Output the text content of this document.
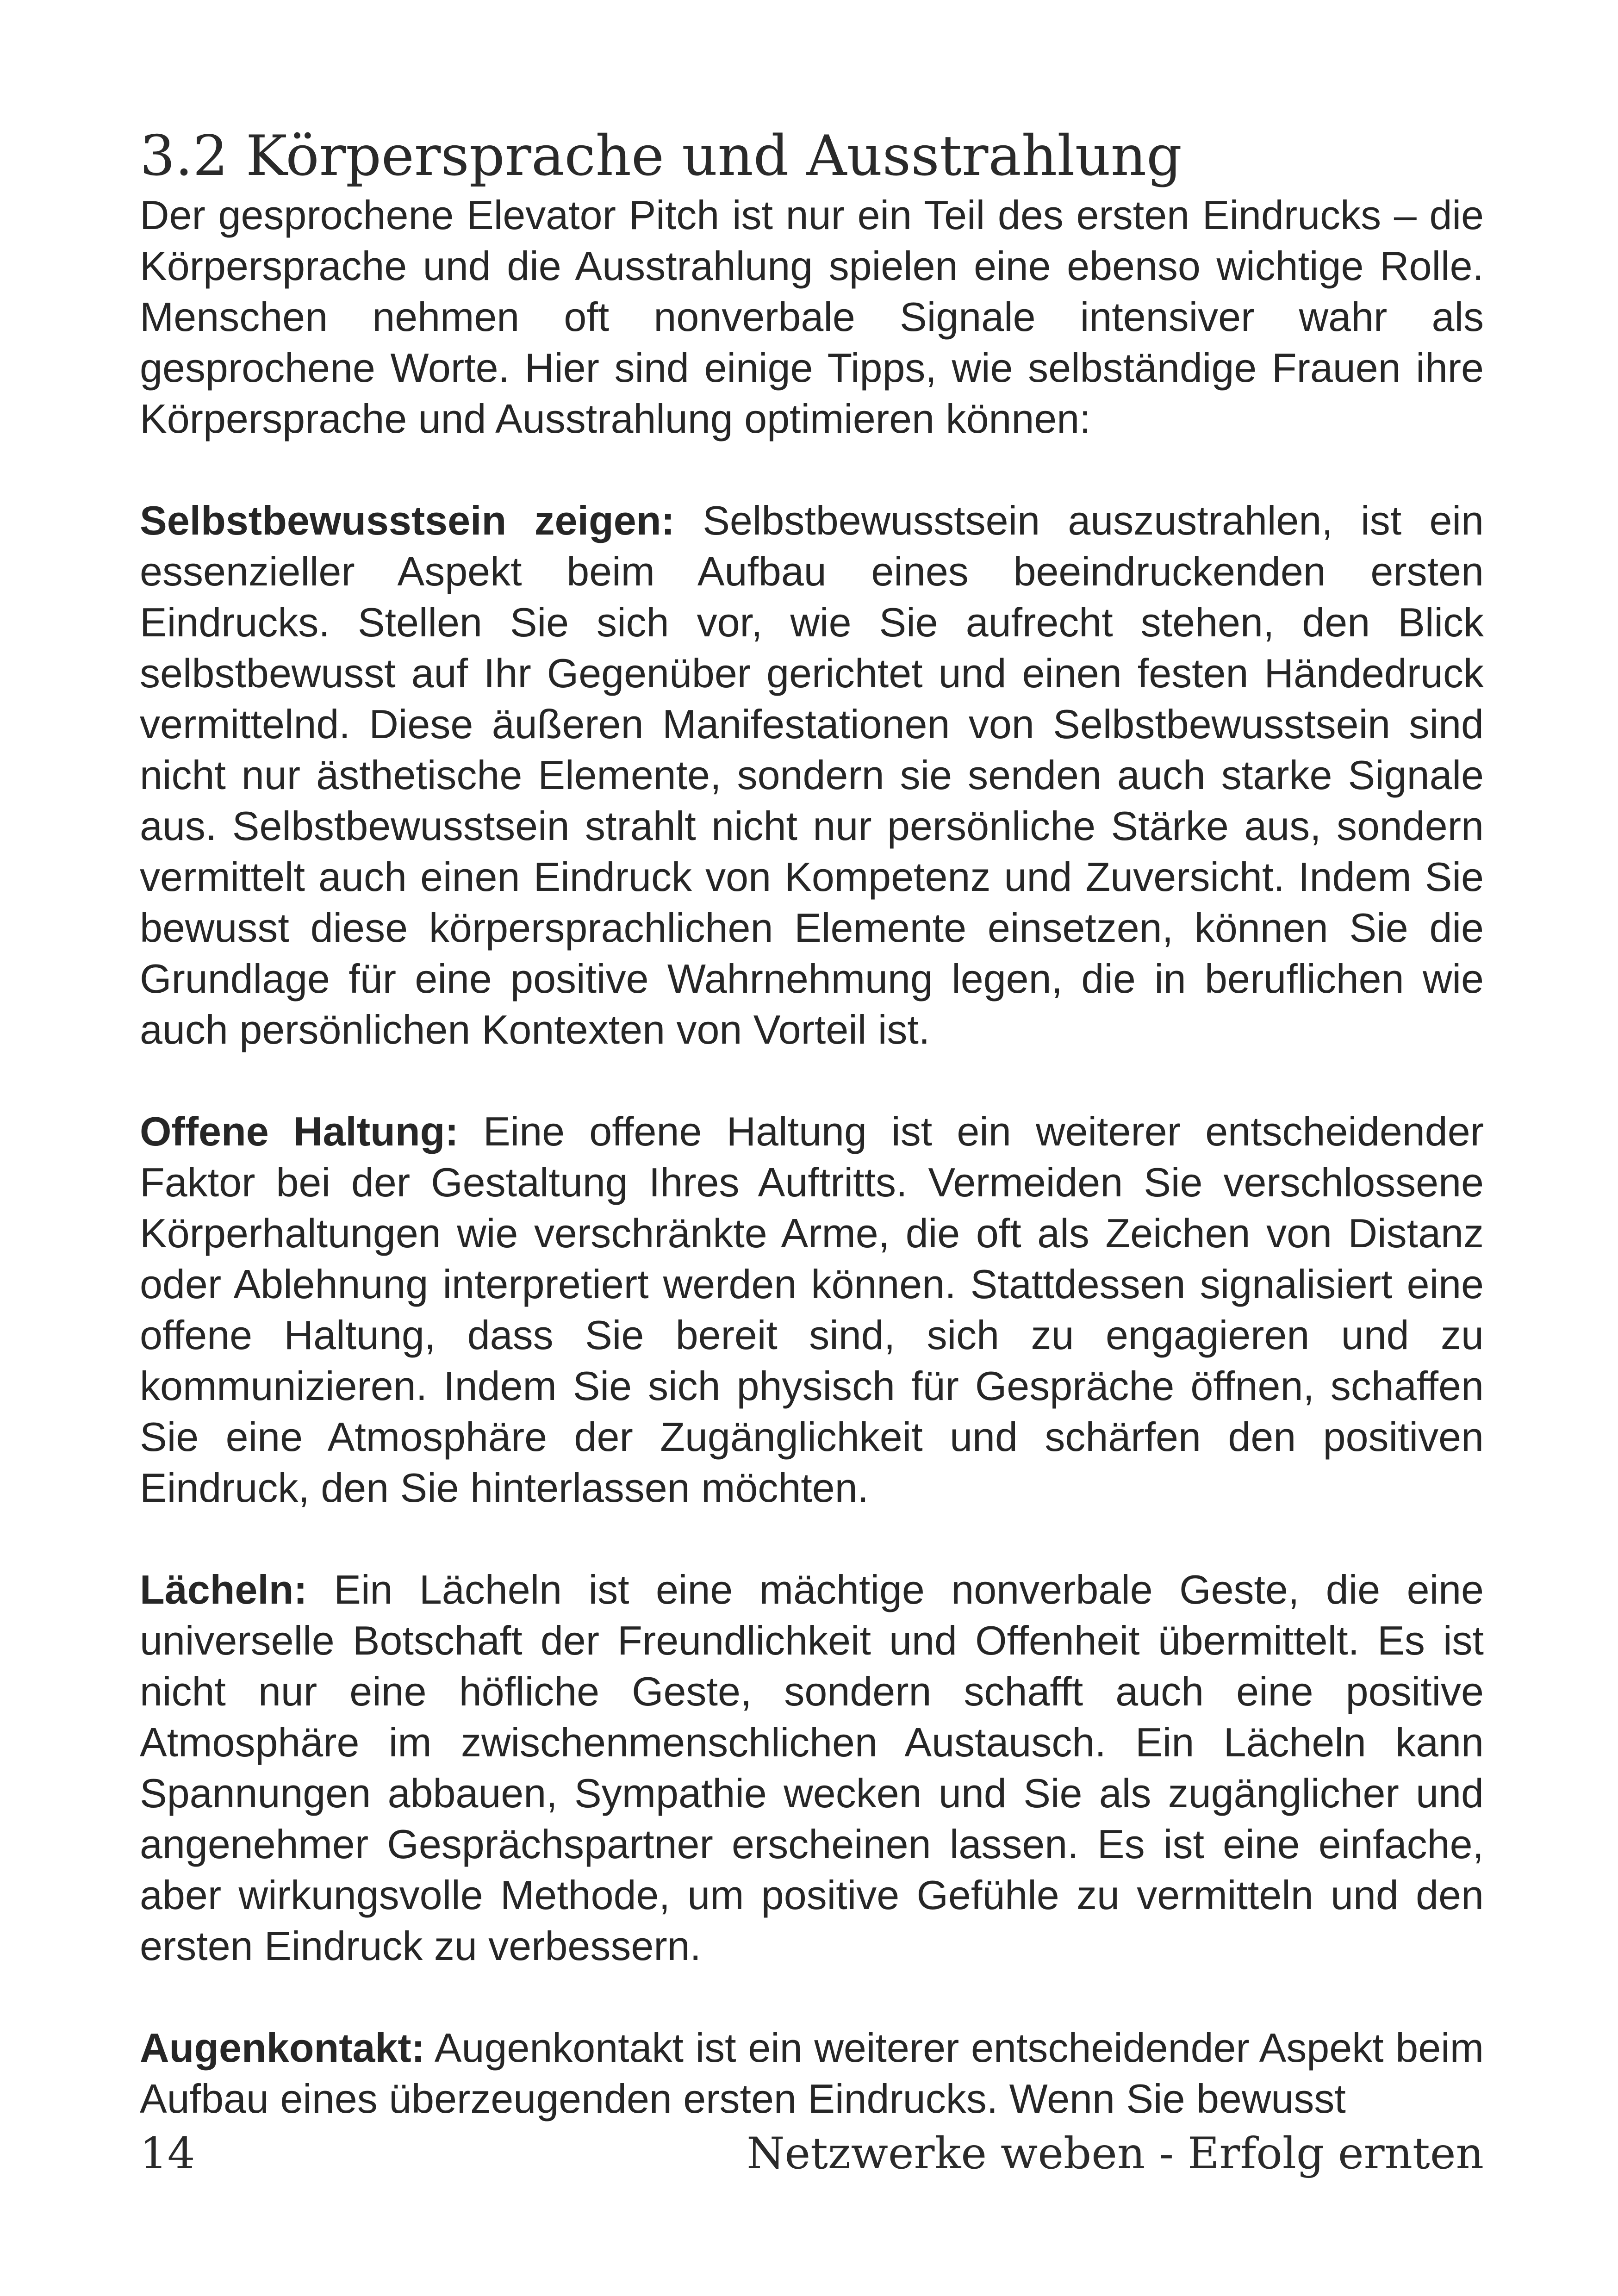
3.2 Körpersprache und Ausstrahlung

Der gesprochene Elevator Pitch ist nur ein Teil des ersten Eindrucks – die Körpersprache und die Ausstrahlung spielen eine ebenso wichtige Rolle. Menschen nehmen oft nonverbale Signale intensiver wahr als gesprochene Worte. Hier sind einige Tipps, wie selbständige Frauen ihre Körpersprache und Ausstrahlung optimieren können:

Selbstbewusstsein zeigen: Selbstbewusstsein auszustrahlen, ist ein essenzieller Aspekt beim Aufbau eines beeindruckenden ersten Eindrucks. Stellen Sie sich vor, wie Sie aufrecht stehen, den Blick selbstbewusst auf Ihr Gegenüber gerichtet und einen festen Händedruck vermittelnd. Diese äußeren Manifestationen von Selbstbewusstsein sind nicht nur ästhetische Elemente, sondern sie senden auch starke Signale aus. Selbstbewusstsein strahlt nicht nur persönliche Stärke aus, sondern vermittelt auch einen Eindruck von Kompetenz und Zuversicht. Indem Sie bewusst diese körpersprachlichen Elemente einsetzen, können Sie die Grundlage für eine positive Wahrnehmung legen, die in beruflichen wie auch persönlichen Kontexten von Vorteil ist.

Offene Haltung: Eine offene Haltung ist ein weiterer entscheidender Faktor bei der Gestaltung Ihres Auftritts. Vermeiden Sie verschlossene Körperhaltungen wie verschränkte Arme, die oft als Zeichen von Distanz oder Ablehnung interpretiert werden können. Stattdessen signalisiert eine offene Haltung, dass Sie bereit sind, sich zu engagieren und zu kommunizieren. Indem Sie sich physisch für Gespräche öffnen, schaffen Sie eine Atmosphäre der Zugänglichkeit und schärfen den positiven Eindruck, den Sie hinterlassen möchten.

Lächeln: Ein Lächeln ist eine mächtige nonverbale Geste, die eine universelle Botschaft der Freundlichkeit und Offenheit übermittelt. Es ist nicht nur eine höfliche Geste, sondern schafft auch eine positive Atmosphäre im zwischenmenschlichen Austausch. Ein Lächeln kann Spannungen abbauen, Sympathie wecken und Sie als zugänglicher und angenehmer Gesprächspartner erscheinen lassen. Es ist eine einfache, aber wirkungsvolle Methode, um positive Gefühle zu vermitteln und den ersten Eindruck zu verbessern.

Augenkontakt: Augenkontakt ist ein weiterer entscheidender Aspekt beim Aufbau eines überzeugenden ersten Eindrucks. Wenn Sie bewusst

14	Netzwerke weben - Erfolg ernten
